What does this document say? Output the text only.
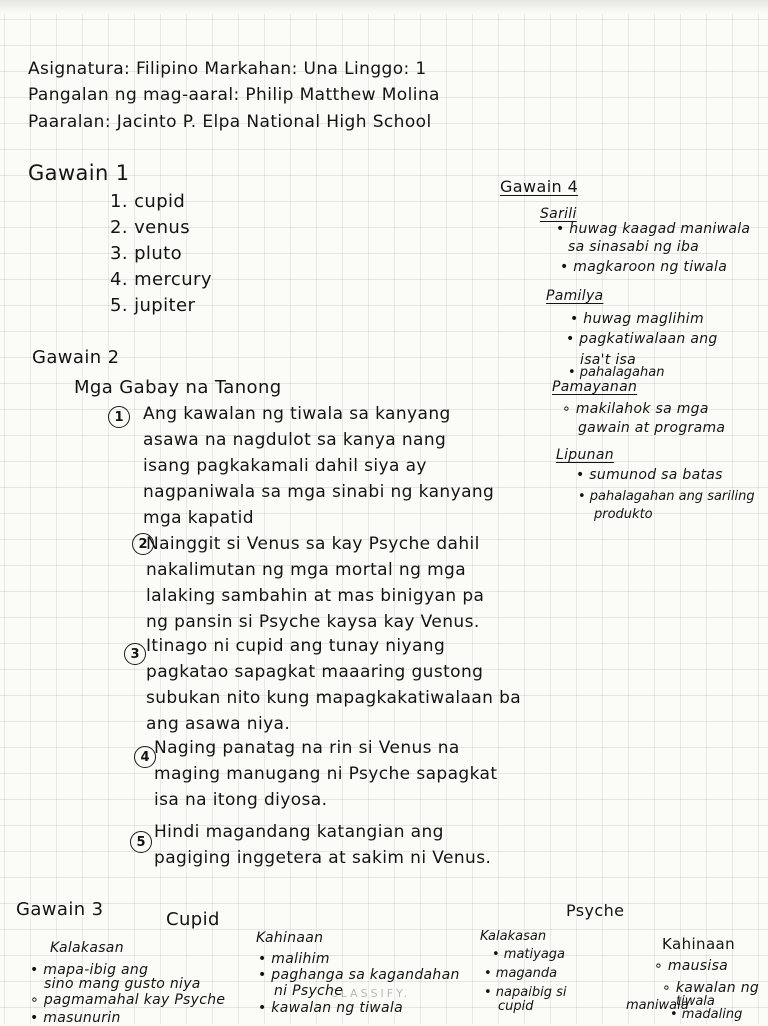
Asignatura: Filipino Markahan: Una Linggo: 1
Pangalan ng mag-aaral: Philip Matthew Molina
Paaralan: Jacinto P. Elpa National High School
Gawain 1
1. cupid
2. venus
3. pluto
4. mercury
5. jupiter
Gawain 2
Mga Gabay na Tanong
1	Ang kawalan ng tiwala sa kanyang
asawa na nagdulot sa kanya nang
isang pagkakamali dahil siya ay
nagpaniwala sa mga sinabi ng kanyang
mga kapatid
2
Nainggit si Venus sa kay Psyche dahil
nakalimutan ng mga mortal ng mga
lalaking sambahin at mas binigyan pa
ng pansin si Psyche kaysa kay Venus.
3 Itinago ni cupid ang tunay niyang
pagkatao sapagkat maaaring gustong
subukan nito kung mapagkakatiwalaan ba
ang asawa niya.
4 Naging panatag na rin si Venus na
maging manugang ni Psyche sapagkat
isa na itong diyosa.
5 Hindi magandang katangian ang
pagiging inggetera at sakim ni Venus.
Gawain 4
Sarili
• huwag kaagad maniwala
sa sinasabi ng iba
• magkaroon ng tiwala
Pamilya
• huwag maglihim
• pagkatiwalaan ang
isa't isa
• pahalagahan
Pamayanan
∘ makilahok sa mga
gawain at programa
Lipunan
• sumunod sa batas
• pahalagahan ang sariling
produkto
Gawain 3	Cupid	Psyche
Kalakasan
• mapa-ibig ang
sino mang gusto niya
∘ pagmamahal kay Psyche
• masunurin
Kahinaan
• malihim
• paghanga sa kagandahan
ni Psyche
• kawalan ng tiwala
Kalakasan
• matiyaga
• maganda
• napaibig si
cupid
Kahinaan
∘ mausisa
∘ kawalan ng
tiwala
maniwala
• madaling
CLASSIFY.
